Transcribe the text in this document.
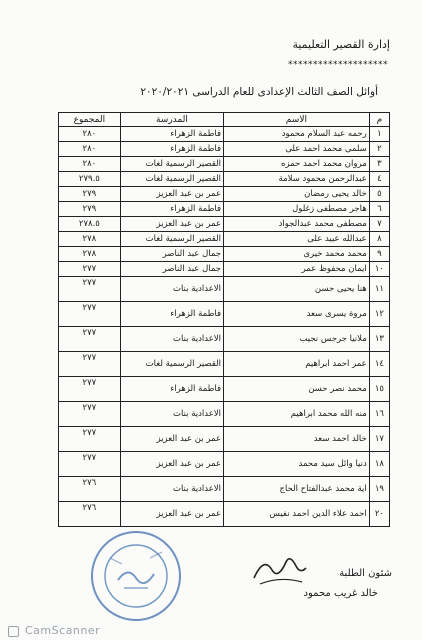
إدارة القصير التعليمية
********************
أوائل الصف الثالث الإعدادى للعام الدراسى ٢٠٢٠/٢٠٢١
م	الاسم	المدرسة	المجموع
١	رحمه عبد السلام محمود	فاطمة الزهراء	٢٨٠
٢	سلمى محمد احمد على	فاطمة الزهراء	٢٨٠
٣	مروان محمد احمد حمزه	القصير الرسمية لغات	٢٨٠
٤	عبدالرحمن محمود سلامة	القصير الرسمية لغات	٢٧٩.٥
٥	خالد يحيى رمضان	عمر بن عبد العزيز	٢٧٩
٦	هاجر مصطفى زغلول	فاطمة الزهراء	٢٧٩
٧	مصطفى محمد عبدالجواد	عمر بن عبد العزيز	٢٧٨.٥
٨	عبدالله عبيد على	القصير الرسمية لغات	٢٧٨
٩	محمد محمد خيرى	جمال عبد الناصر	٢٧٨
١٠	ايمان محفوظ عمر	جمال عبد الناصر	٢٧٧
١١	هنا يحيى حسن	الاعدادية بنات	٢٧٧
١٢	مروة يسرى سعد	فاطمة الزهراء	٢٧٧
١٣	ملانيا جرجس نجيب	الاعدادية بنات	٢٧٧
١٤	عمر احمد ابراهيم	القصير الرسمية لغات	٢٧٧
١٥	محمد نصر حسن	فاطمة الزهراء	٢٧٧
١٦	منه الله محمد ابراهيم	الاعدادية بنات	٢٧٧
١٧	خالد احمد سعد	عمر بن عبد العزيز	٢٧٧
١٨	دنيا وائل سيد محمد	عمر بن عبد العزيز	٢٧٧
١٩	اية محمد عبدالفتاح الحاج	الاعدادية بنات	٢٧٦
٢٠	احمد علاء الدين احمد نفيس	عمر بن عبد العزيز	٢٧٦
شئون الطلبة
خالد غريب محمود
CamScanner
